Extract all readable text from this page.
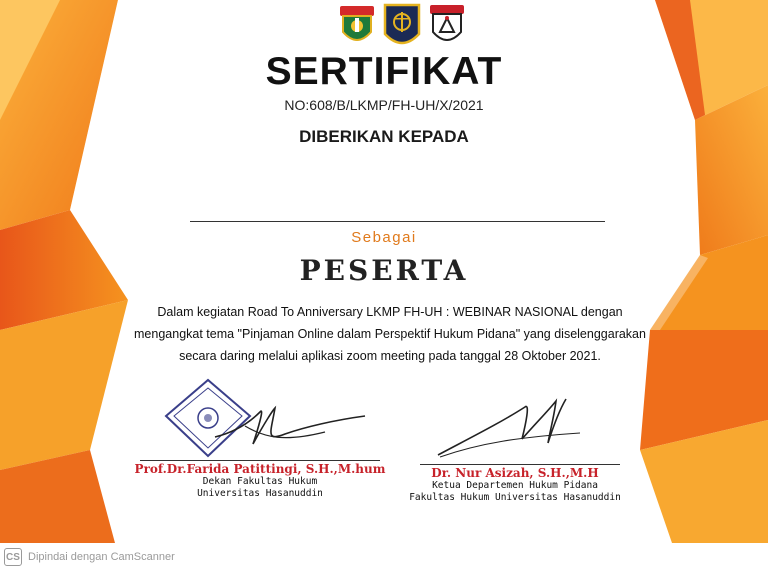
SERTIFIKAT
NO:608/B/LKMP/FH-UH/X/2021
DIBERIKAN KEPADA
Sebagai
PESERTA
Dalam kegiatan Road To Anniversary LKMP FH-UH : WEBINAR NASIONAL dengan
mengangkat tema "Pinjaman Online dalam Perspektif Hukum Pidana" yang diselenggarakan
secara daring melalui aplikasi zoom meeting pada tanggal 28 Oktober 2021.
Prof.Dr.Farida Patittingi, S.H.,M.hum
Dekan Fakultas Hukum
Universitas Hasanuddin
Dr. Nur Asizah, S.H.,M.H
Ketua Departemen Hukum Pidana
Fakultas Hukum Universitas Hasanuddin
CS Dipindai dengan CamScanner
